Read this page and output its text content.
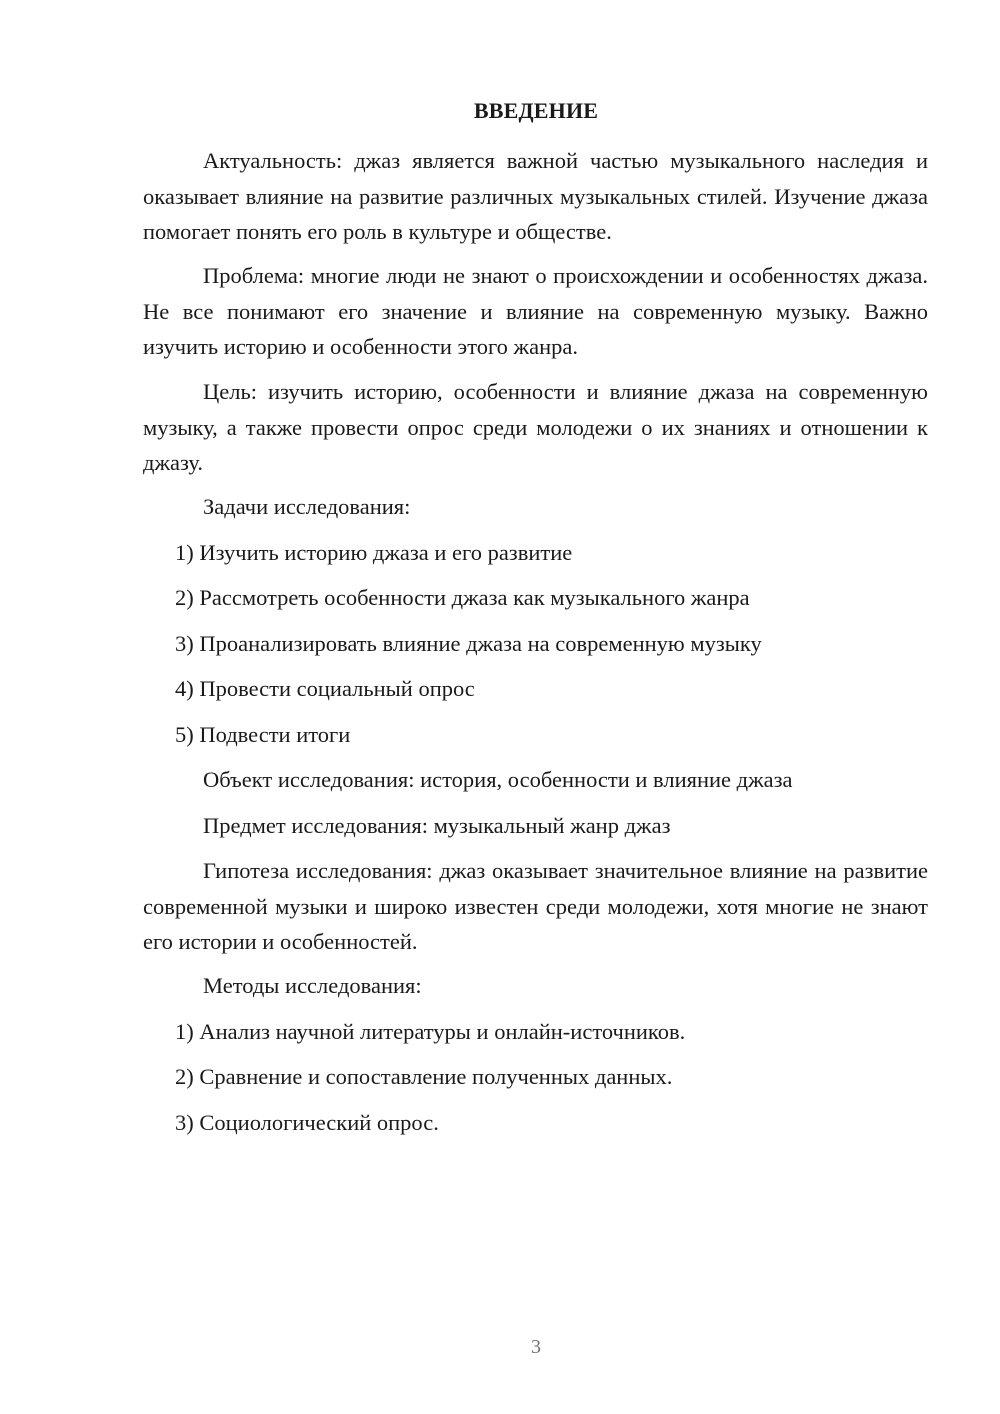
ВВЕДЕНИЕ

Актуальность: джаз является важной частью музыкального наследия и оказывает влияние на развитие различных музыкальных стилей. Изучение джаза помогает понять его роль в культуре и обществе.

Проблема: многие люди не знают о происхождении и особенностях джаза. Не все понимают его значение и влияние на современную музыку. Важно изучить историю и особенности этого жанра.

Цель: изучить историю, особенности и влияние джаза на современную музыку, а также провести опрос среди молодежи о их знаниях и отношении к джазу.

Задачи исследования:

1) Изучить историю джаза и его развитие

2) Рассмотреть особенности джаза как музыкального жанра

3) Проанализировать влияние джаза на современную музыку

4) Провести социальный опрос

5) Подвести итоги

Объект исследования: история, особенности и влияние джаза

Предмет исследования: музыкальный жанр джаз

Гипотеза исследования: джаз оказывает значительное влияние на развитие современной музыки и широко известен среди молодежи, хотя многие не знают его истории и особенностей.

Методы исследования:

1) Анализ научной литературы и онлайн-источников.

2) Сравнение и сопоставление полученных данных.

3) Социологический опрос.

3
